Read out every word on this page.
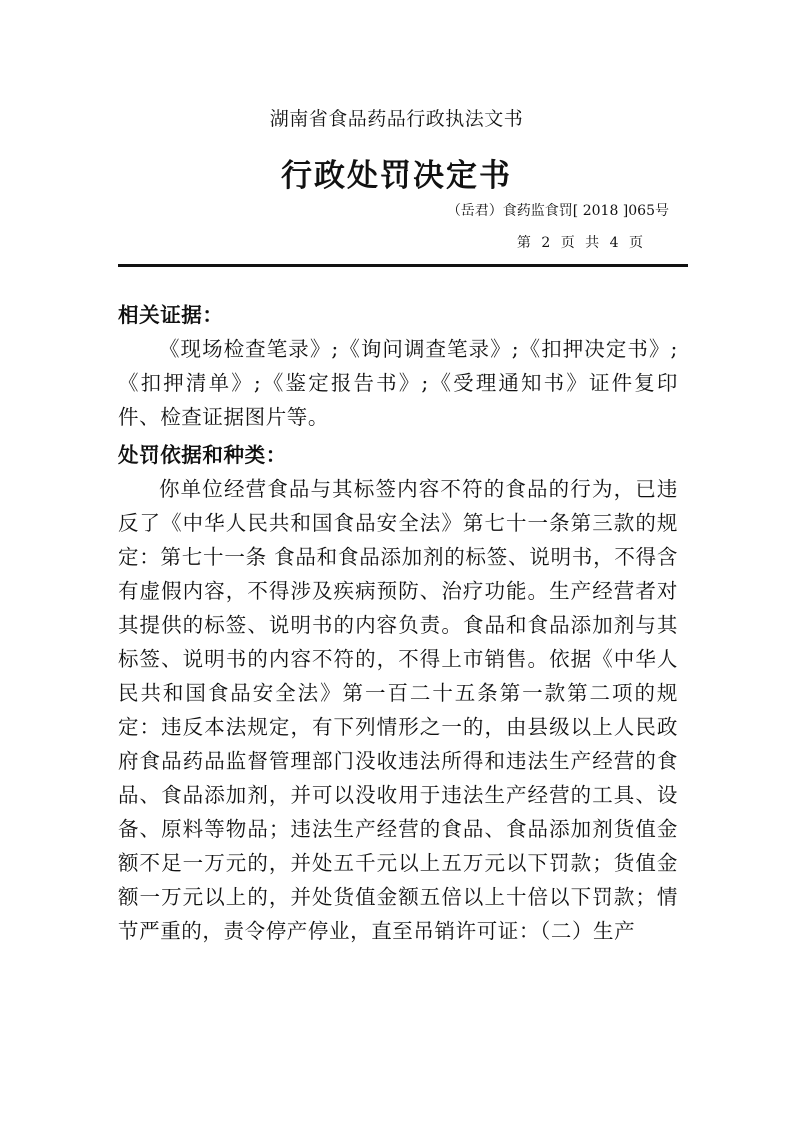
湖南省食品药品行政执法文书
行政处罚决定书
（岳君）食药监食罚[ 2018 ]065号
第 2 页 共 4 页

相关证据：

《现场检查笔录》;《询问调查笔录》;《扣押决定书》;《扣押清单》;《鉴定报告书》;《受理通知书》证件复印件、检查证据图片等。

处罚依据和种类：

你单位经营食品与其标签内容不符的食品的行为，已违反了《中华人民共和国食品安全法》第七十一条第三款的规定：第七十一条 食品和食品添加剂的标签、说明书，不得含有虚假内容，不得涉及疾病预防、治疗功能。生产经营者对其提供的标签、说明书的内容负责。食品和食品添加剂与其标签、说明书的内容不符的，不得上市销售。依据《中华人民共和国食品安全法》第一百二十五条第一款第二项的规定：违反本法规定，有下列情形之一的，由县级以上人民政府食品药品监督管理部门没收违法所得和违法生产经营的食品、食品添加剂，并可以没收用于违法生产经营的工具、设备、原料等物品；违法生产经营的食品、食品添加剂货值金额不足一万元的，并处五千元以上五万元以下罚款；货值金额一万元以上的，并处货值金额五倍以上十倍以下罚款；情节严重的，责令停产停业，直至吊销许可证：（二）生产
